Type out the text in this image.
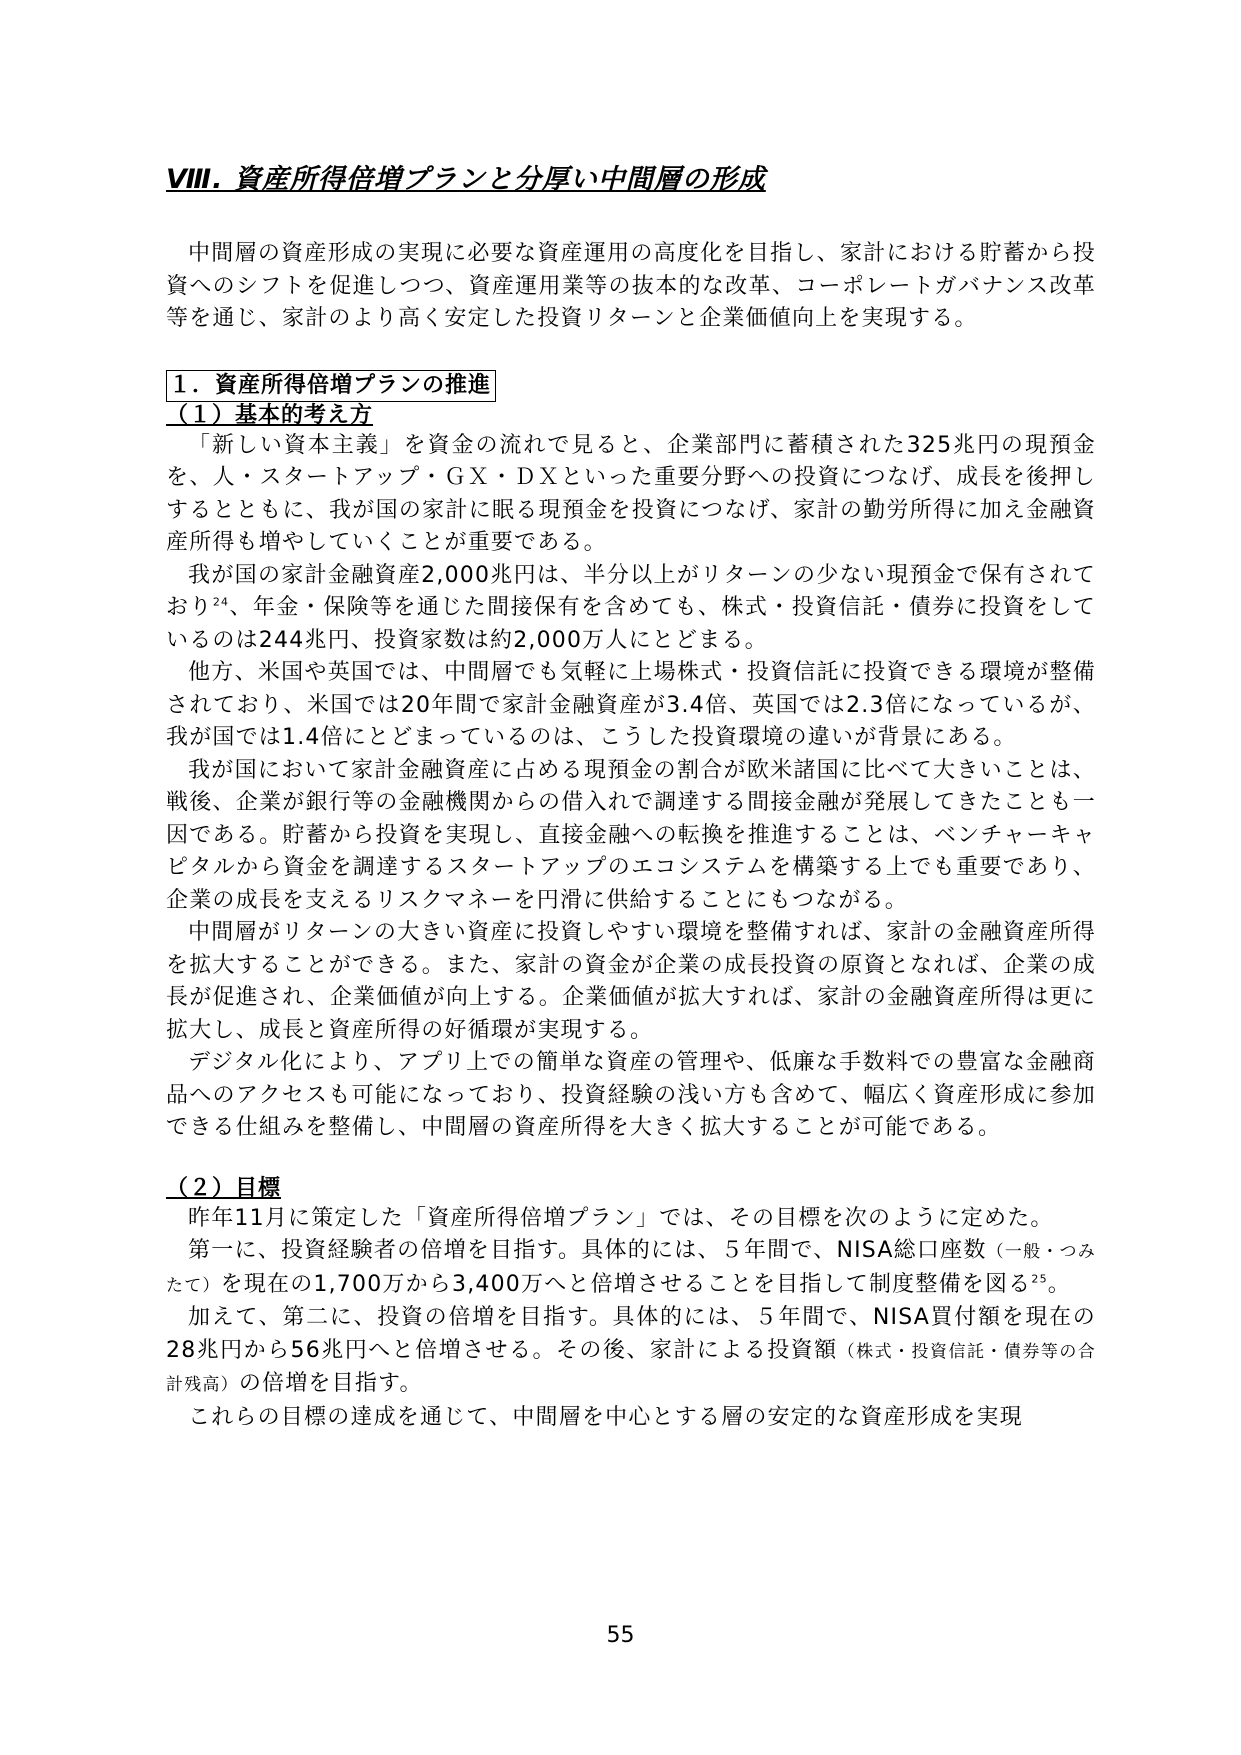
Ⅷ. 資産所得倍増プランと分厚い中間層の形成

中間層の資産形成の実現に必要な資産運用の高度化を目指し、家計における貯蓄から投資へのシフトを促進しつつ、資産運用業等の抜本的な改革、コーポレートガバナンス改革等を通じ、家計のより高く安定した投資リターンと企業価値向上を実現する。

１．資産所得倍増プランの推進
（１）基本的考え方

「新しい資本主義」を資金の流れで見ると、企業部門に蓄積された325兆円の現預金を、人・スタートアップ・ＧＸ・ＤＸといった重要分野への投資につなげ、成長を後押しするとともに、我が国の家計に眠る現預金を投資につなげ、家計の勤労所得に加え金融資産所得も増やしていくことが重要である。

我が国の家計金融資産2,000兆円は、半分以上がリターンの少ない現預金で保有されており$^{24}$、年金・保険等を通じた間接保有を含めても、株式・投資信託・債券に投資をしているのは244兆円、投資家数は約2,000万人にとどまる。

他方、米国や英国では、中間層でも気軽に上場株式・投資信託に投資できる環境が整備されており、米国では20年間で家計金融資産が3.4倍、英国では2.3倍になっているが、我が国では1.4倍にとどまっているのは、こうした投資環境の違いが背景にある。

我が国において家計金融資産に占める現預金の割合が欧米諸国に比べて大きいことは、戦後、企業が銀行等の金融機関からの借入れで調達する間接金融が発展してきたことも一因である。貯蓄から投資を実現し、直接金融への転換を推進することは、ベンチャーキャピタルから資金を調達するスタートアップのエコシステムを構築する上でも重要であり、企業の成長を支えるリスクマネーを円滑に供給することにもつながる。

中間層がリターンの大きい資産に投資しやすい環境を整備すれば、家計の金融資産所得を拡大することができる。また、家計の資金が企業の成長投資の原資となれば、企業の成長が促進され、企業価値が向上する。企業価値が拡大すれば、家計の金融資産所得は更に拡大し、成長と資産所得の好循環が実現する。

デジタル化により、アプリ上での簡単な資産の管理や、低廉な手数料での豊富な金融商品へのアクセスも可能になっており、投資経験の浅い方も含めて、幅広く資産形成に参加できる仕組みを整備し、中間層の資産所得を大きく拡大することが可能である。

（２）目標

昨年11月に策定した「資産所得倍増プラン」では、その目標を次のように定めた。

第一に、投資経験者の倍増を目指す。具体的には、５年間で、NISA総口座数（一般・つみたて）を現在の1,700万から3,400万へと倍増させることを目指して制度整備を図る$^{25}$。

加えて、第二に、投資の倍増を目指す。具体的には、５年間で、NISA買付額を現在の28兆円から56兆円へと倍増させる。その後、家計による投資額（株式・投資信託・債券等の合計残高）の倍増を目指す。

これらの目標の達成を通じて、中間層を中心とする層の安定的な資産形成を実現

55
